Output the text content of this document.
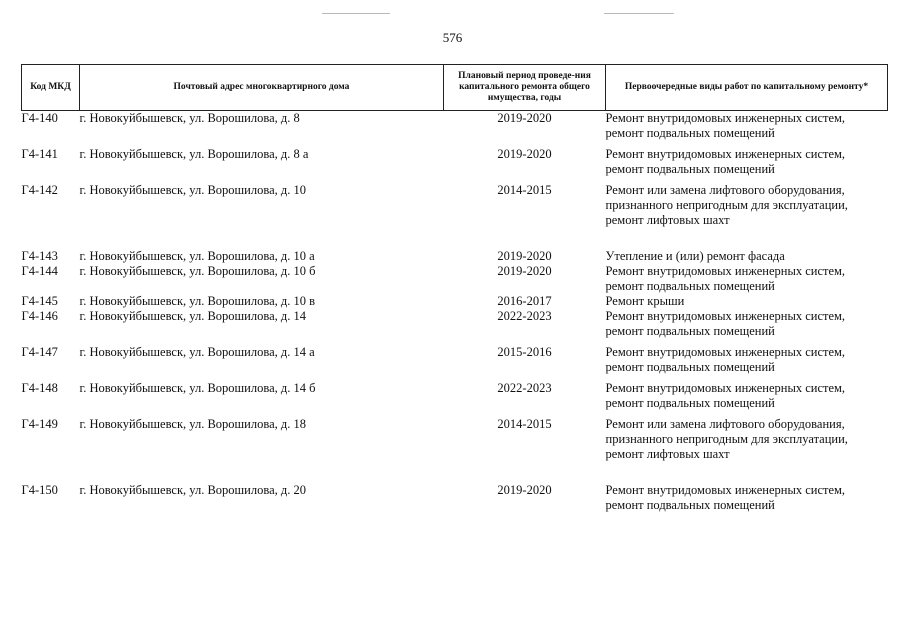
576
Код МКД	Почтовый адрес многоквартирного дома	Плановый период проведе-ния капитального ремонта общего имущества, годы	Первоочередные виды работ по капитальному ремонту*
Г4-140	г. Новокуйбышевск, ул. Ворошилова, д. 8	2019-2020	Ремонт внутридомовых инженерных систем,
ремонт подвальных помещений

Г4-141	г. Новокуйбышевск, ул. Ворошилова, д. 8 а	2019-2020	Ремонт внутридомовых инженерных систем,
ремонт подвальных помещений

Г4-142	г. Новокуйбышевск, ул. Ворошилова, д. 10	2014-2015	Ремонт или замена лифтового оборудования,
признанного непригодным для эксплуатации,
ремонт лифтовых шахт

Г4-143	г. Новокуйбышевск, ул. Ворошилова, д. 10 а	2019-2020	Утепление и (или) ремонт фасада

Г4-144	г. Новокуйбышевск, ул. Ворошилова, д. 10 б	2019-2020	Ремонт внутридомовых инженерных систем,
ремонт подвальных помещений

Г4-145	г. Новокуйбышевск, ул. Ворошилова, д. 10 в	2016-2017	Ремонт крыши

Г4-146	г. Новокуйбышевск, ул. Ворошилова, д. 14	2022-2023	Ремонт внутридомовых инженерных систем,
ремонт подвальных помещений

Г4-147	г. Новокуйбышевск, ул. Ворошилова, д. 14 а	2015-2016	Ремонт внутридомовых инженерных систем,
ремонт подвальных помещений

Г4-148	г. Новокуйбышевск, ул. Ворошилова, д. 14 б	2022-2023	Ремонт внутридомовых инженерных систем,
ремонт подвальных помещений

Г4-149	г. Новокуйбышевск, ул. Ворошилова, д. 18	2014-2015	Ремонт или замена лифтового оборудования,
признанного непригодным для эксплуатации,
ремонт лифтовых шахт

Г4-150	г. Новокуйбышевск, ул. Ворошилова, д. 20	2019-2020	Ремонт внутридомовых инженерных систем,
ремонт подвальных помещений
